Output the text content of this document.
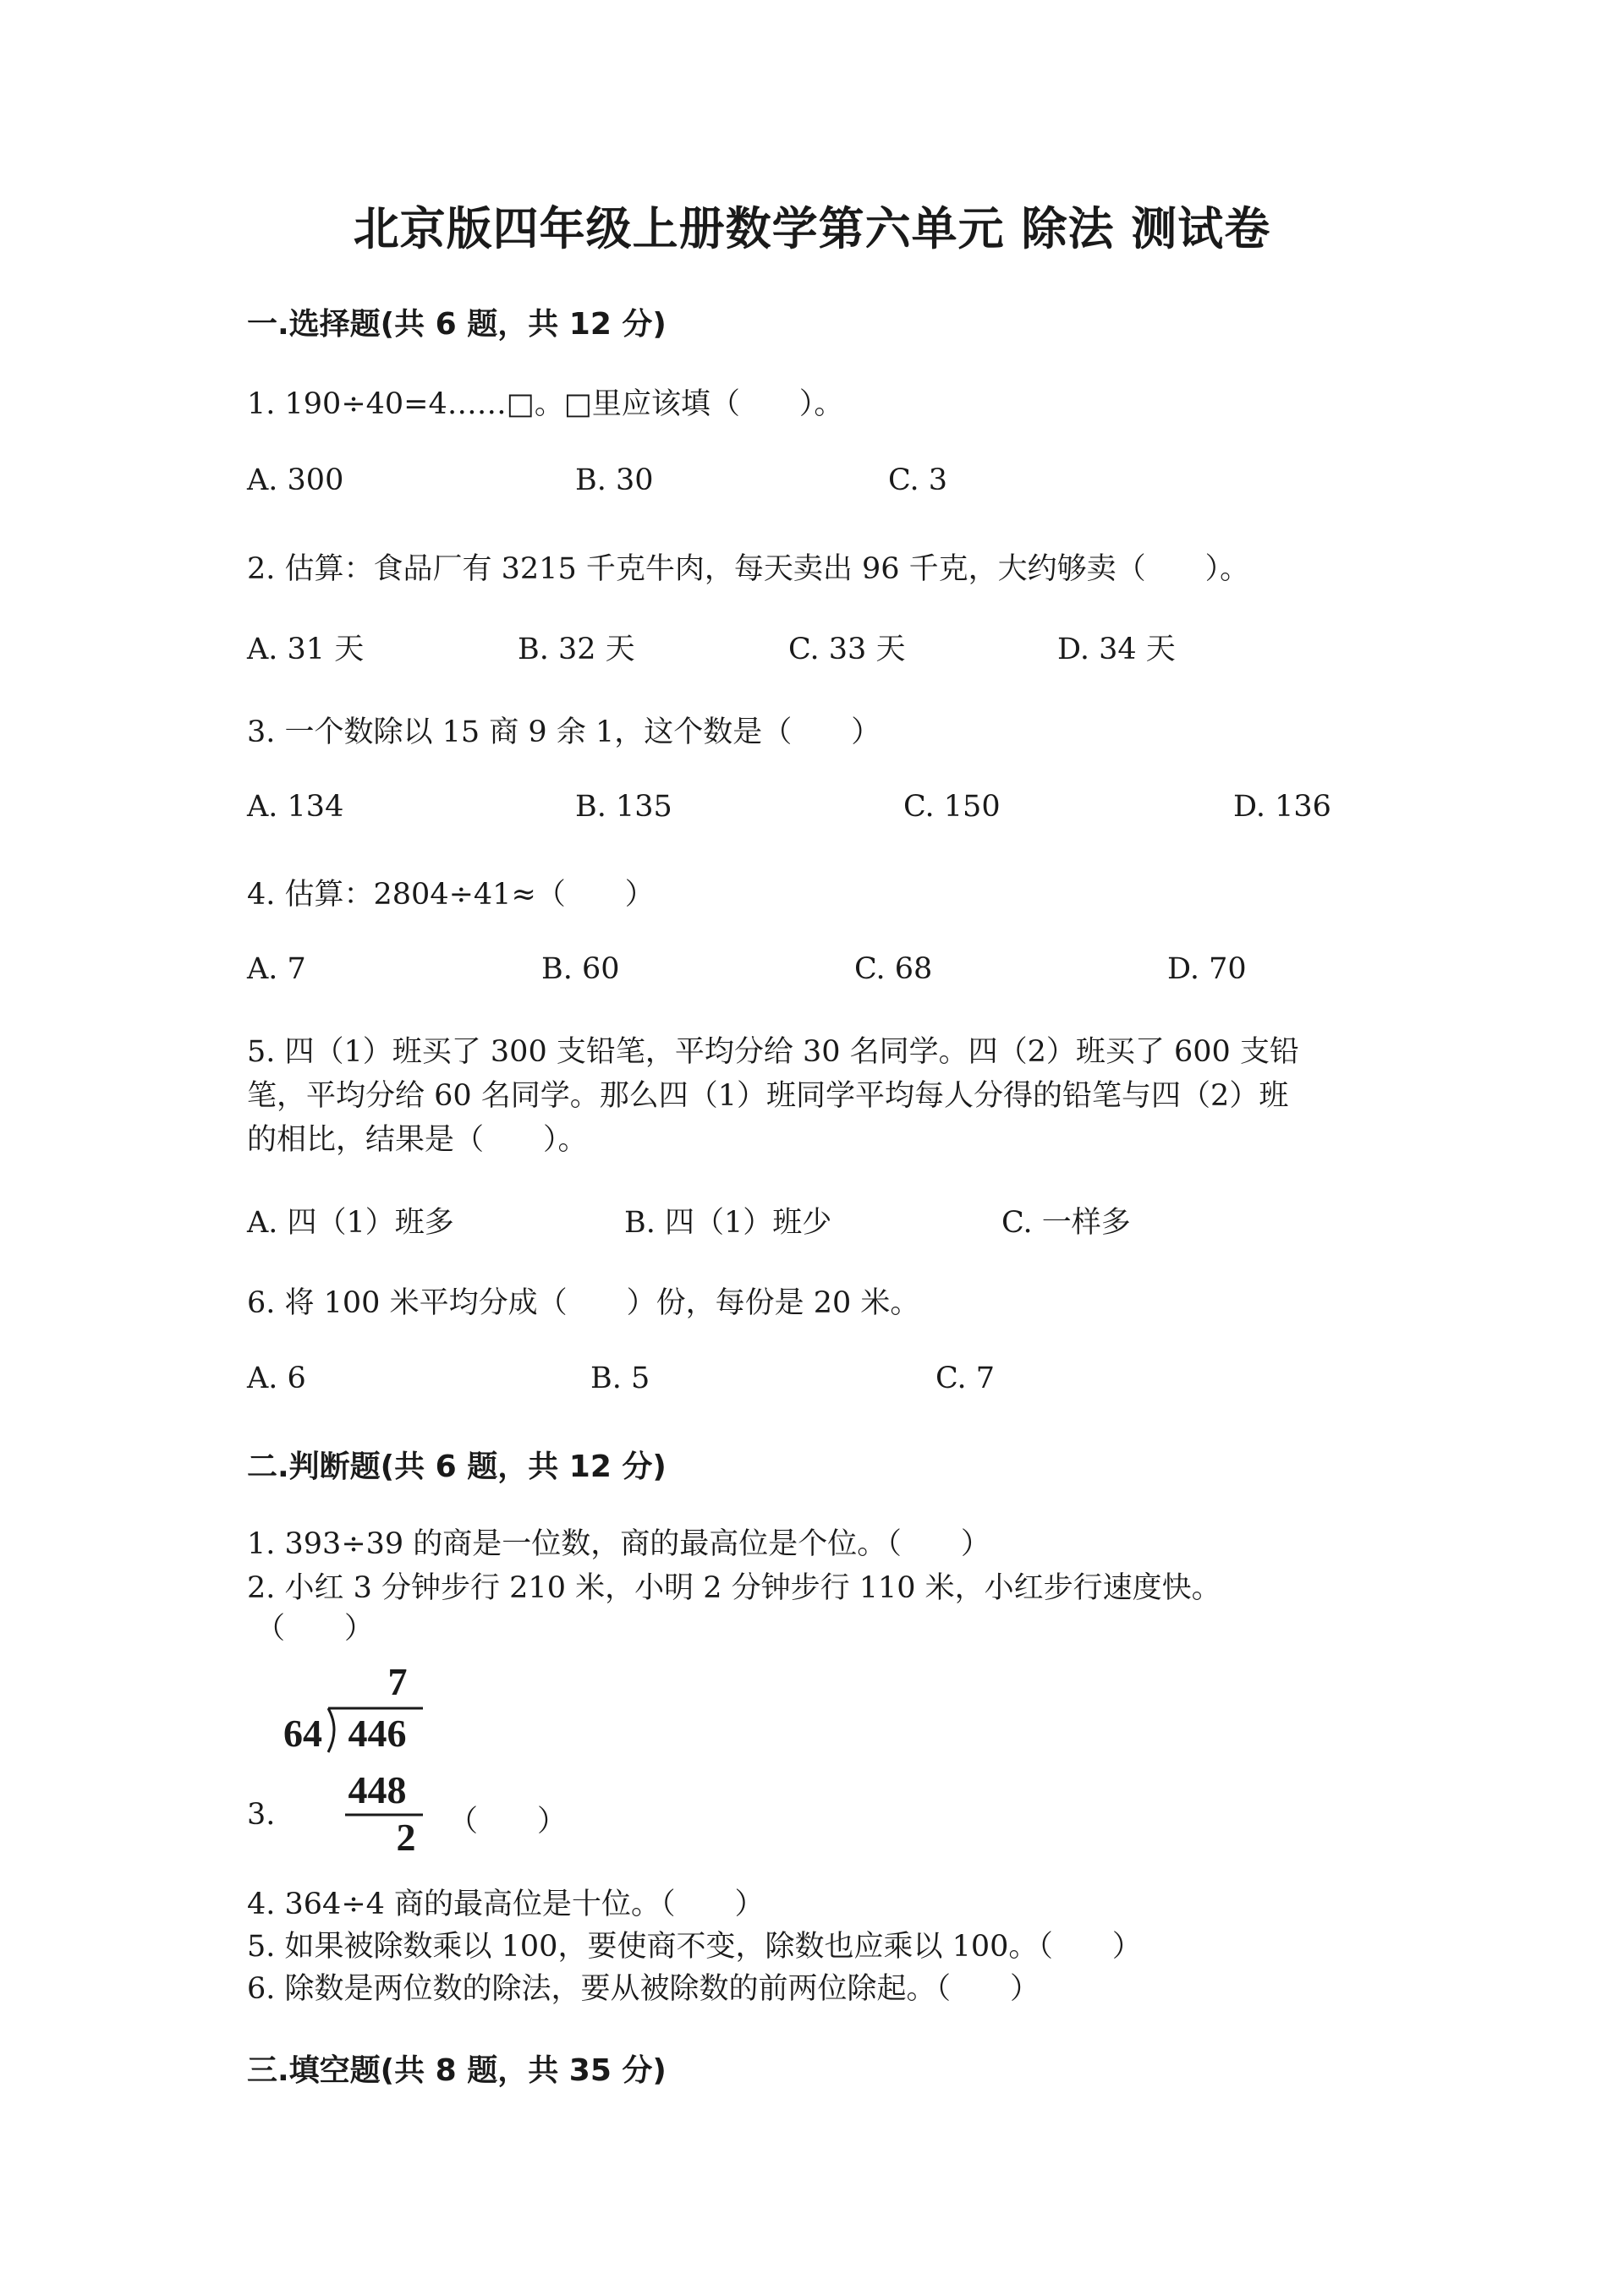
北京版四年级上册数学第六单元 除法 测试卷
一.选择题(共 6 题，共 12 分)
1. 190÷40=4……□。□里应该填（　　）。
A. 300	B. 30	C. 3
2. 估算：食品厂有 3215 千克牛肉，每天卖出 96 千克，大约够卖（　　）。
A. 31 天	B. 32 天	C. 33 天	D. 34 天
3. 一个数除以 15 商 9 余 1，这个数是（　　）
A. 134	B. 135	C. 150	D. 136
4. 估算：2804÷41≈（　　）
A. 7	B. 60	C. 68	D. 70
5. 四（1）班买了 300 支铅笔，平均分给 30 名同学。四（2）班买了 600 支铅
笔，平均分给 60 名同学。那么四（1）班同学平均每人分得的铅笔与四（2）班
的相比，结果是（　　）。
A. 四（1）班多	B. 四（1）班少	C. 一样多
6. 将 100 米平均分成（　　）份，每份是 20 米。
A. 6	B. 5	C. 7
二.判断题(共 6 题，共 12 分)
1. 393÷39 的商是一位数，商的最高位是个位。（　　）
2. 小红 3 分钟步行 210 米，小明 2 分钟步行 110 米，小红步行速度快。
（　　）
3.
7
64 446
448
2 （　　）
4. 364÷4 商的最高位是十位。（　　）
5. 如果被除数乘以 100，要使商不变，除数也应乘以 100。（　　）
6. 除数是两位数的除法，要从被除数的前两位除起。（　　）
三.填空题(共 8 题，共 35 分)
